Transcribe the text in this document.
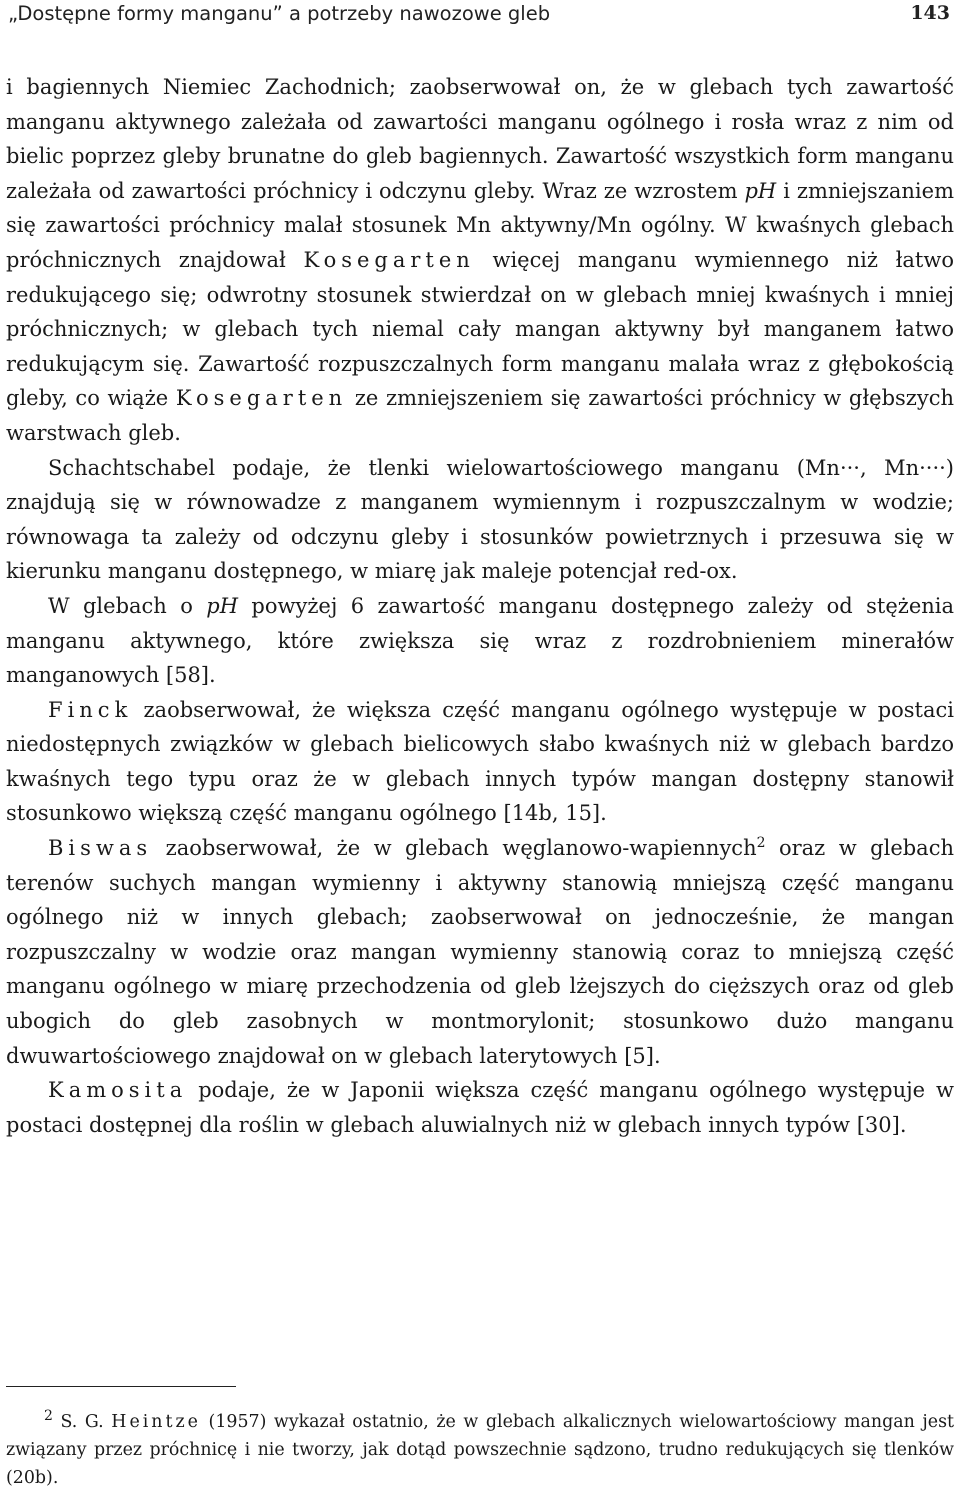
„Dostępne formy manganu” a potrzeby nawozowe gleb	143

i bagiennych Niemiec Zachodnich; zaobserwował on, że w glebach tych zawartość manganu aktywnego zależała od zawartości manganu ogólnego i rosła wraz z nim od bielic poprzez gleby brunatne do gleb bagiennych. Zawartość wszystkich form manganu zależała od zawartości próchnicy i odczynu gleby. Wraz ze wzrostem pH i zmniejszaniem się zawartości próchnicy malał stosunek Mn aktywny/Mn ogólny. W kwaśnych glebach próchnicznych znajdował Kosegarten więcej manganu wymiennego niż łatwo redukującego się; odwrotny stosunek stwierdzał on w glebach mniej kwaśnych i mniej próchnicznych; w glebach tych niemal cały mangan aktywny był manganem łatwo redukującym się. Zawartość rozpuszczalnych form manganu malała wraz z głębokością gleby, co wiąże Kosegarten ze zmniejszeniem się zawartości próchnicy w głębszych warstwach gleb.

Schachtschabel podaje, że tlenki wielowartościowego manganu (Mn···, Mn····) znajdują się w równowadze z manganem wymiennym i rozpuszczalnym w wodzie; równowaga ta zależy od odczynu gleby i stosunków powietrznych i przesuwa się w kierunku manganu dostępnego, w miarę jak maleje potencjał red-ox.

W glebach o pH powyżej 6 zawartość manganu dostępnego zależy od stężenia manganu aktywnego, które zwiększa się wraz z rozdrobnieniem minerałów manganowych [58].

Finck zaobserwował, że większa część manganu ogólnego występuje w postaci niedostępnych związków w glebach bielicowych słabo kwaśnych niż w glebach bardzo kwaśnych tego typu oraz że w glebach innych typów mangan dostępny stanowił stosunkowo większą część manganu ogólnego [14b, 15].

Biswas zaobserwował, że w glebach węglanowo-wapiennych$^2$ oraz w glebach terenów suchych mangan wymienny i aktywny stanowią mniejszą część manganu ogólnego niż w innych glebach; zaobserwował on jednocześnie, że mangan rozpuszczalny w wodzie oraz mangan wymienny stanowią coraz to mniejszą część manganu ogólnego w miarę przechodzenia od gleb lżejszych do cięższych oraz od gleb ubogich do gleb zasobnych w montmorylonit; stosunkowo dużo manganu dwuwartościowego znajdował on w glebach laterytowych [5].

Kamosita podaje, że w Japonii większa część manganu ogólnego występuje w postaci dostępnej dla roślin w glebach aluwialnych niż w glebach innych typów [30].

$^2$ S. G. Heintze (1957) wykazał ostatnio, że w glebach alkalicznych wielowartościowy mangan jest związany przez próchnicę i nie tworzy, jak dotąd powszechnie sądzono, trudno redukujących się tlenków (20b).
